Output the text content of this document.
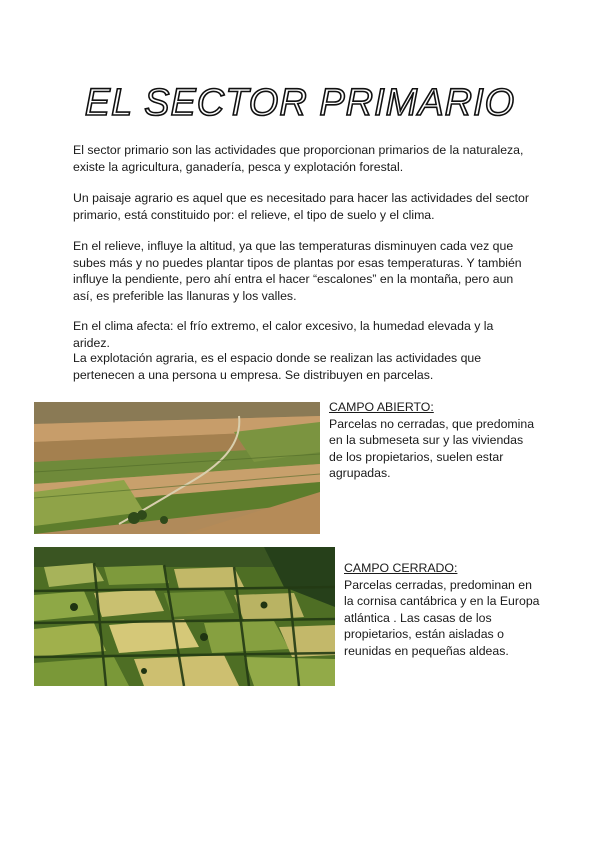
EL SECTOR PRIMARIO

El sector primario son las actividades que proporcionan primarios de la naturaleza, existe la agricultura, ganadería, pesca y explotación forestal.

Un paisaje agrario es aquel que es necesitado para hacer las actividades del sector primario, está constituido por: el relieve, el tipo de suelo y el clima.

En el relieve, influye la altitud, ya que las temperaturas disminuyen cada vez que subes más y no puedes plantar tipos de plantas por esas temperaturas. Y también influye la pendiente, pero ahí entra el hacer “escalones” en la montaña, pero aun así, es preferible las llanuras y los valles.

En el clima afecta: el frío extremo, el calor excesivo, la humedad elevada y la aridez.

La explotación agraria, es el espacio donde se realizan las actividades que pertenecen a una persona u empresa. Se distribuyen en parcelas.

CAMPO ABIERTO:
Parcelas no cerradas, que predomina en la submeseta sur y las viviendas de los propietarios, suelen estar agrupadas.
CAMPO CERRADO:
Parcelas cerradas, predominan en la cornisa cantábrica y en la Europa atlántica . Las casas de los propietarios, están aisladas o reunidas en pequeñas aldeas.
